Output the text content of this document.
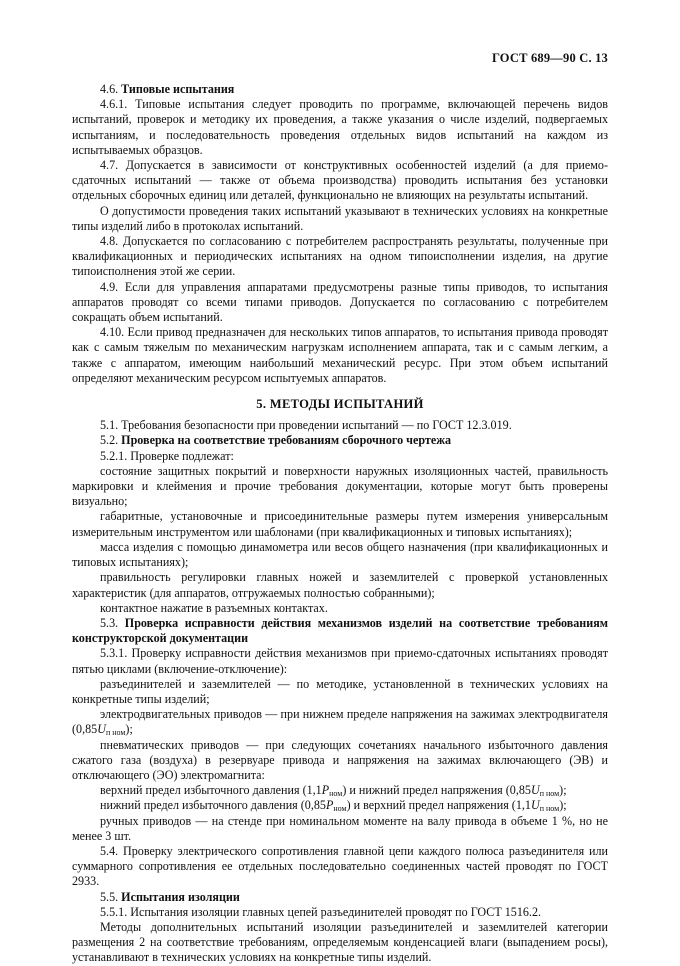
ГОСТ 689—90 С. 13

4.6. Типовые испытания

4.6.1. Типовые испытания следует проводить по программе, включающей перечень видов испытаний, проверок и методику их проведения, а также указания о числе изделий, подвергаемых испытаниям, и последовательность проведения отдельных видов испытаний на каждом из испытываемых образцов.

4.7. Допускается в зависимости от конструктивных особенностей изделий (а для приемо-сдаточных испытаний — также от объема производства) проводить испытания без установки отдельных сборочных единиц или деталей, функционально не влияющих на результаты испытаний.

О допустимости проведения таких испытаний указывают в технических условиях на конкретные типы изделий либо в протоколах испытаний.

4.8. Допускается по согласованию с потребителем распространять результаты, полученные при квалификационных и периодических испытаниях на одном типоисполнении изделия, на другие типоисполнения этой же серии.

4.9. Если для управления аппаратами предусмотрены разные типы приводов, то испытания аппаратов проводят со всеми типами приводов. Допускается по согласованию с потребителем сокращать объем испытаний.

4.10. Если привод предназначен для нескольких типов аппаратов, то испытания привода проводят как с самым тяжелым по механическим нагрузкам исполнением аппарата, так и с самым легким, а также с аппаратом, имеющим наибольший механический ресурс. При этом объем испытаний определяют механическим ресурсом испытуемых аппаратов.

5. МЕТОДЫ ИСПЫТАНИЙ

5.1. Требования безопасности при проведении испытаний — по ГОСТ 12.3.019.

5.2. Проверка на соответствие требованиям сборочного чертежа

5.2.1. Проверке подлежат:

состояние защитных покрытий и поверхности наружных изоляционных частей, правильность маркировки и клеймения и прочие требования документации, которые могут быть проверены визуально;

габаритные, установочные и присоединительные размеры путем измерения универсальным измерительным инструментом или шаблонами (при квалификационных и типовых испытаниях);

масса изделия с помощью динамометра или весов общего назначения (при квалификационных и типовых испытаниях);

правильность регулировки главных ножей и заземлителей с проверкой установленных характеристик (для аппаратов, отгружаемых полностью собранными);

контактное нажатие в разъемных контактах.

5.3. Проверка исправности действия механизмов изделий на соответствие требованиям конструкторской документации

5.3.1. Проверку исправности действия механизмов при приемо-сдаточных испытаниях проводят пятью циклами (включение-отключение):

разъединителей и заземлителей — по методике, установленной в технических условиях на конкретные типы изделий;

электродвигательных приводов — при нижнем пределе напряжения на зажимах электродвигателя $(0,85U_{п ном})$;

пневматических приводов — при следующих сочетаниях начального избыточного давления сжатого газа (воздуха) в резервуаре привода и напряжения на зажимах включающего (ЭВ) и отключающего (ЭО) электромагнита:

верхний предел избыточного давления $(1,1P_{ном})$ и нижний предел напряжения $(0,85U_{п ном})$;

нижний предел избыточного давления $(0,85P_{ном})$ и верхний предел напряжения $(1,1U_{п ном})$;

ручных приводов — на стенде при номинальном моменте на валу привода в объеме 1 %, но не менее 3 шт.

5.4. Проверку электрического сопротивления главной цепи каждого полюса разъединителя или суммарного сопротивления ее отдельных последовательно соединенных частей проводят по ГОСТ 2933.

5.5. Испытания изоляции

5.5.1. Испытания изоляции главных цепей разъединителей проводят по ГОСТ 1516.2.

Методы дополнительных испытаний изоляции разъединителей и заземлителей категории размещения 2 на соответствие требованиям, определяемым конденсацией влаги (выпадением росы), устанавливают в технических условиях на конкретные типы изделий.
